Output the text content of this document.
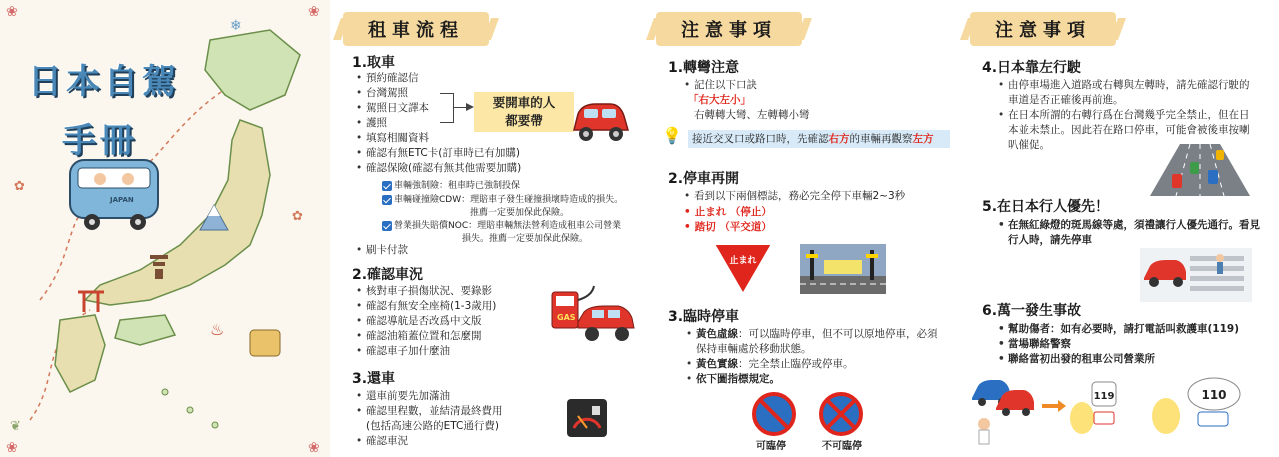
♨
❀	❀
❀	❀
❄
✿
✿
❦
日本自駕
手冊
JAPAN
租車流程
1.取車
• 預約確認信
• 台灣駕照
• 駕照日文譯本
• 護照
• 填寫相關資料
• 確認有無ETC卡(訂車時已有加購)
• 確認保險(確認有無其他需要加購)
要開車的人
都要帶
車輛強制險：租車時已強制投保
車輛碰撞險CDW：理賠車子發生碰撞損壞時造成的損失。
推薦一定要加保此保險。
營業損失賠償NOC：理賠車輛無法營利造成租車公司營業
損失。推薦一定要加保此保險。
• 刷卡付款
2.確認車況
• 核對車子損傷狀況、要錄影
• 確認有無安全座椅(1-3歲用)
• 確認導航是否改爲中文版
• 確認油箱蓋位置和怎麼開
• 確認車子加什麼油
GAS
3.還車
• 還車前要先加滿油
• 確認里程數，並結清最終費用
(包括高速公路的ETC通行費)
• 確認車況
注意事項
1.轉彎注意
• 記住以下口訣
「右大左小」
右轉轉大彎、左轉轉小彎
💡 接近交叉口或路口時，先確認右方的車輛再觀察左方
2.停車再開
• 看到以下兩個標誌，務必完全停下車輛2~3秒
• 止まれ （停止）
• 踏切 （平交道）
止まれ
3.臨時停車
• 黃色虛線：可以臨時停車，但不可以原地停車，必須
保持車輛處於移動狀態。
• 黃色實線：完全禁止臨停或停車。
• 依下圖指標規定。
可臨停	不可臨停
注意事項
4.日本靠左行駛
• 由停車場進入道路或右轉與左轉時，請先確認行駛的
車道是否正確後再前進。
• 在日本所謂的右轉行爲在台灣幾乎完全禁止，但在日
本並未禁止。因此若在路口停車，可能會被後車按喇
叭催促。
5.在日本行人優先！
• 在無紅綠燈的斑馬線等處，須禮讓行人優先通行。看見
行人時，請先停車
6.萬一發生事故
• 幫助傷者：如有必要時，請打電話叫救護車(119)
• 當場聯絡警察
• 聯絡當初出發的租車公司營業所
119	110
